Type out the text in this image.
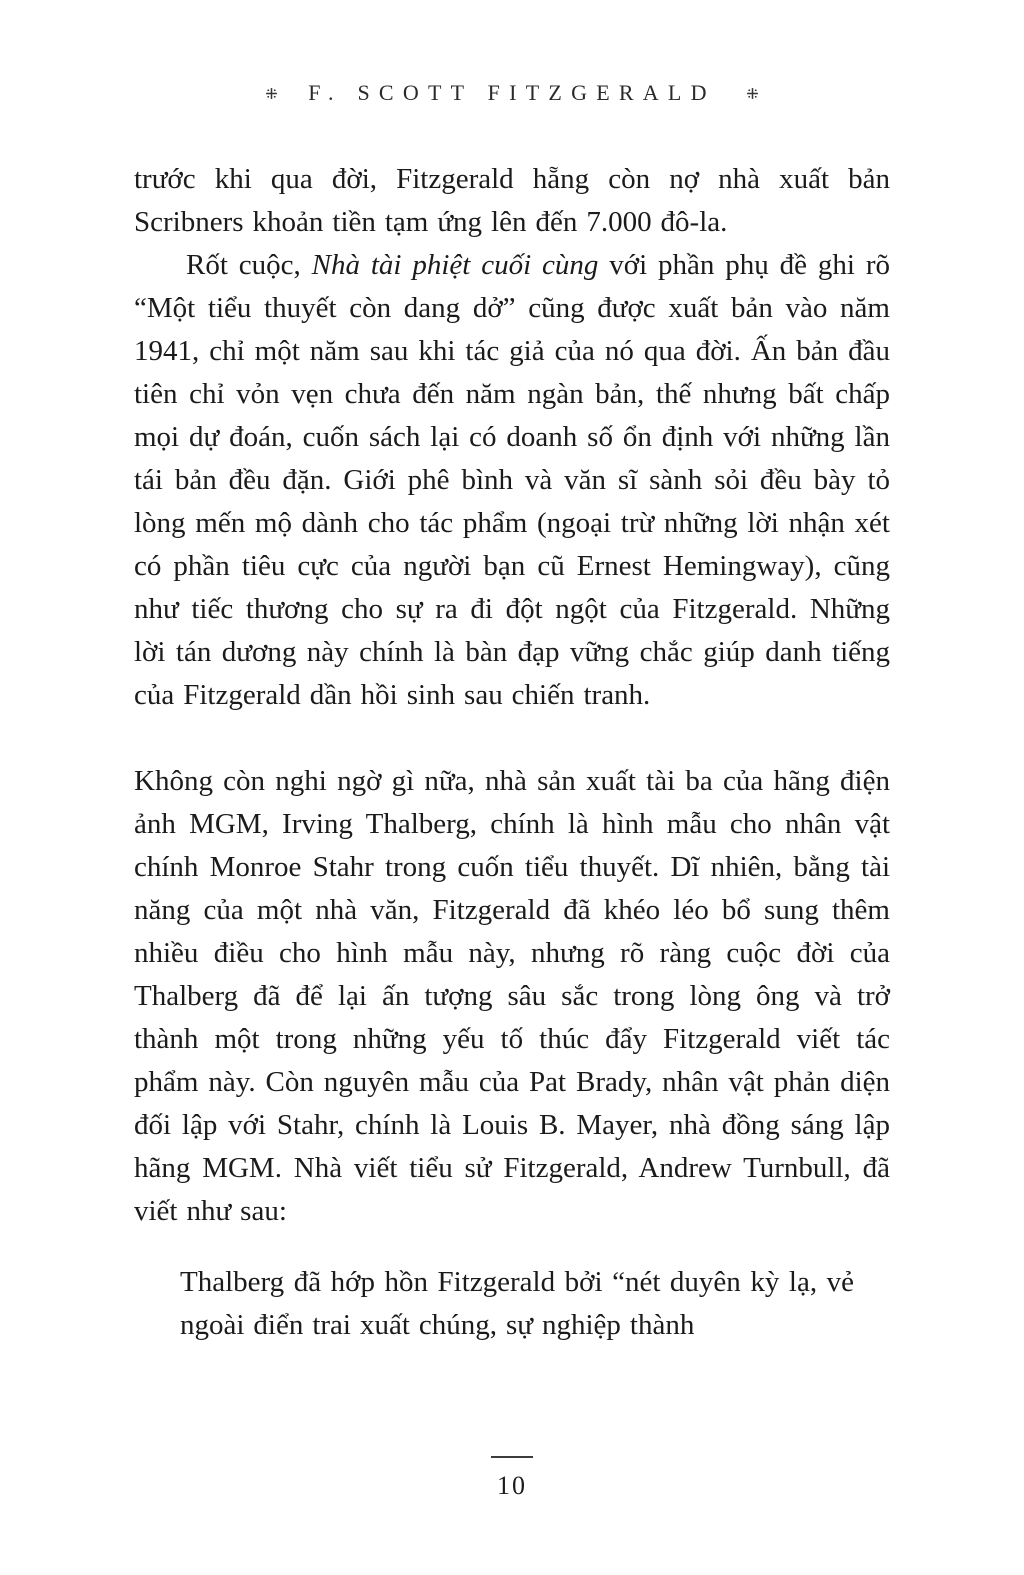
F. SCOTT FITZGERALD

trước khi qua đời, Fitzgerald hẵng còn nợ nhà xuất bản Scribners khoản tiền tạm ứng lên đến 7.000 đô-la.

Rốt cuộc, Nhà tài phiệt cuối cùng với phần phụ đề ghi rõ “Một tiểu thuyết còn dang dở” cũng được xuất bản vào năm 1941, chỉ một năm sau khi tác giả của nó qua đời. Ấn bản đầu tiên chỉ vỏn vẹn chưa đến năm ngàn bản, thế nhưng bất chấp mọi dự đoán, cuốn sách lại có doanh số ổn định với những lần tái bản đều đặn. Giới phê bình và văn sĩ sành sỏi đều bày tỏ lòng mến mộ dành cho tác phẩm (ngoại trừ những lời nhận xét có phần tiêu cực của người bạn cũ Ernest Hemingway), cũng như tiếc thương cho sự ra đi đột ngột của Fitzgerald. Những lời tán dương này chính là bàn đạp vững chắc giúp danh tiếng của Fitzgerald dần hồi sinh sau chiến tranh.

Không còn nghi ngờ gì nữa, nhà sản xuất tài ba của hãng điện ảnh MGM, Irving Thalberg, chính là hình mẫu cho nhân vật chính Monroe Stahr trong cuốn tiểu thuyết. Dĩ nhiên, bằng tài năng của một nhà văn, Fitzgerald đã khéo léo bổ sung thêm nhiều điều cho hình mẫu này, nhưng rõ ràng cuộc đời của Thalberg đã để lại ấn tượng sâu sắc trong lòng ông và trở thành một trong những yếu tố thúc đẩy Fitzgerald viết tác phẩm này. Còn nguyên mẫu của Pat Brady, nhân vật phản diện đối lập với Stahr, chính là Louis B. Mayer, nhà đồng sáng lập hãng MGM. Nhà viết tiểu sử Fitzgerald, Andrew Turnbull, đã viết như sau:

Thalberg đã hớp hồn Fitzgerald bởi “nét duyên kỳ lạ, vẻ ngoài điển trai xuất chúng, sự nghiệp thành
10
